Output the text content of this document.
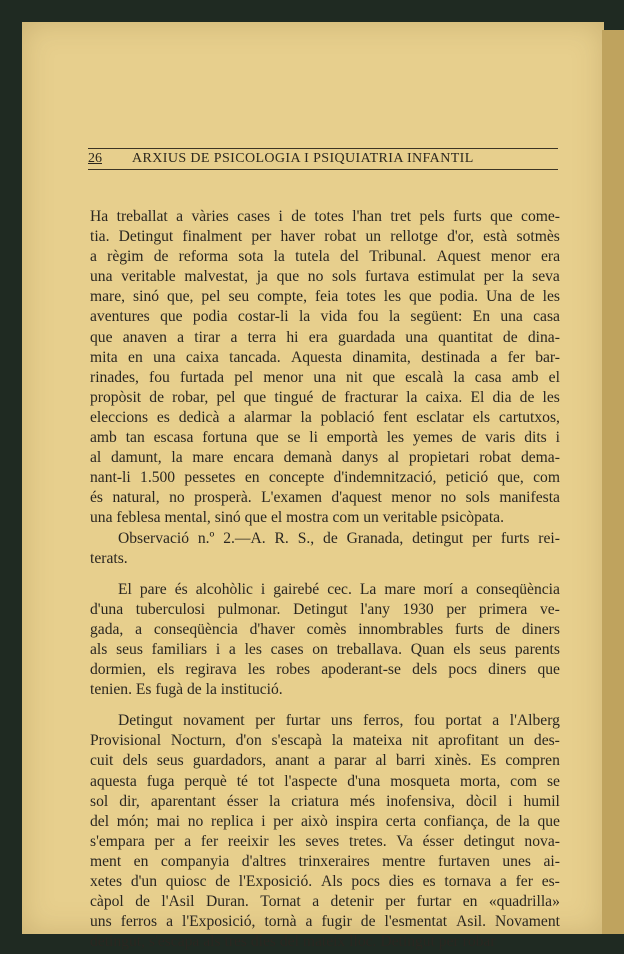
26	ARXIUS DE PSICOLOGIA I PSIQUIATRIA INFANTIL
Ha treballat a vàries cases i de totes l'han tret pels furts que come-
tia. Detingut finalment per haver robat un rellotge d'or, està sotmès
a règim de reforma sota la tutela del Tribunal. Aquest menor era
una veritable malvestat, ja que no sols furtava estimulat per la seva
mare, sinó que, pel seu compte, feia totes les que podia. Una de les
aventures que podia costar-li la vida fou la següent: En una casa
que anaven a tirar a terra hi era guardada una quantitat de dina-
mita en una caixa tancada. Aquesta dinamita, destinada a fer bar-
rinades, fou furtada pel menor una nit que escalà la casa amb el
propòsit de robar, pel que tingué de fracturar la caixa. El dia de les
eleccions es dedicà a alarmar la població fent esclatar els cartutxos,
amb tan escasa fortuna que se li emportà les yemes de varis dits i
al damunt, la mare encara demanà danys al propietari robat dema-
nant-li 1.500 pessetes en concepte d'indemnització, petició que, com
és natural, no prosperà. L'examen d'aquest menor no sols manifesta
una feblesa mental, sinó que el mostra com un veritable psicòpata.
Observació n.º 2.—A. R. S., de Granada, detingut per furts rei-
terats.
El pare és alcohòlic i gairebé cec. La mare morí a conseqüència
d'una tuberculosi pulmonar. Detingut l'any 1930 per primera ve-
gada, a conseqüència d'haver comès innombrables furts de diners
als seus familiars i a les cases on treballava. Quan els seus parents
dormien, els regirava les robes apoderant-se dels pocs diners que
tenien. Es fugà de la institució.
Detingut novament per furtar uns ferros, fou portat a l'Alberg
Provisional Nocturn, d'on s'escapà la mateixa nit aprofitant un des-
cuit dels seus guardadors, anant a parar al barri xinès. Es compren
aquesta fuga perquè té tot l'aspecte d'una mosqueta morta, com se
sol dir, aparentant ésser la criatura més inofensiva, dòcil i humil
del món; mai no replica i per això inspira certa confiança, de la que
s'empara per a fer reeixir les seves tretes. Va ésser detingut nova-
ment en companyia d'altres trinxeraires mentre furtaven unes ai-
xetes d'un quiosc de l'Exposició. Als pocs dies es tornava a fer es-
càpol de l'Asil Duran. Tornat a detenir per furtar en «quadrilla»
uns ferros a l'Exposició, tornà a fugir de l'esmentat Asil. Novament
detingut, s'escapa als tres dies del mateix lloc. Detingut per robar
